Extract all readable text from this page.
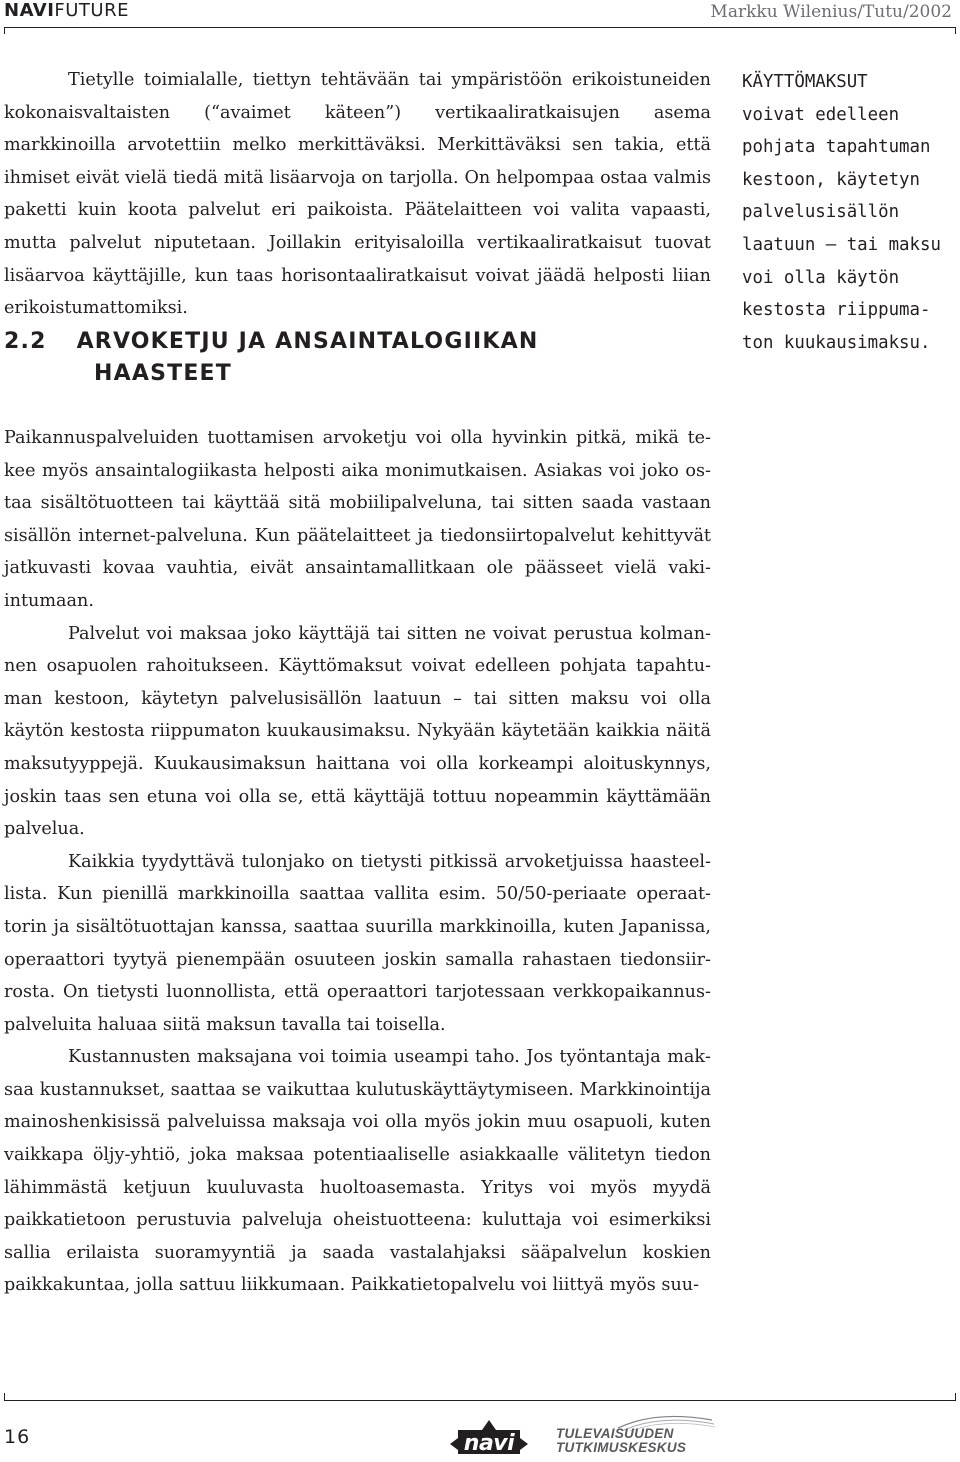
NAVIFUTURE	Markku Wilenius/Tutu/2002

Tietylle toimialalle, tiettyn tehtävään tai ympäristöön erikoistuneiden kokonaisvaltaisten (“avaimet käteen”) vertikaaliratkaisujen asema markkinoilla arvotettiin melko merkittäväksi. Merkittäväksi sen takia, että ihmiset eivät vielä tiedä mitä lisäarvoja on tarjolla. On helpompaa ostaa valmis paketti kuin koota palvelut eri paikoista. Päätelaitteen voi valita vapaasti, mutta palvelut niputetaan. Joillakin erityisaloilla vertikaaliratkaisut tuovat lisäarvoa käyttäjille, kun taas horisontaaliratkaisut voivat jäädä helposti liian erikoistumattomiksi.

2.2 ARVOKETJU JA ANSAINTALOGIIKAN
HAASTEET
KÄYTTÖMAKSUT
voivat edelleen
pohjata tapahtuman
kestoon, käytetyn
palvelusisällön
laatuun – tai maksu
voi olla käytön
kestosta riippuma-
ton kuukausimaksu.

Paikannuspalveluiden tuottamisen arvoketju voi olla hyvinkin pitkä, mikä tekee myös ansaintalogiikasta helposti aika monimutkaisen. Asiakas voi joko ostaa sisältötuotteen tai käyttää sitä mobiilipalveluna, tai sitten saada vastaan sisällön internet-palveluna. Kun päätelaitteet ja tiedonsiirtopalvelut kehittyvät jatkuvasti kovaa vauhtia, eivät ansaintamallitkaan ole päässeet vielä vakiintumaan.

Palvelut voi maksaa joko käyttäjä tai sitten ne voivat perustua kolmannen osapuolen rahoitukseen. Käyttömaksut voivat edelleen pohjata tapahtuman kestoon, käytetyn palvelusisällön laatuun – tai sitten maksu voi olla käytön kestosta riippumaton kuukausimaksu. Nykyään käytetään kaikkia näitä maksutyyppejä. Kuukausimaksun haittana voi olla korkeampi aloituskynnys, joskin taas sen etuna voi olla se, että käyttäjä tottuu nopeammin käyttämään palvelua.

Kaikkia tyydyttävä tulonjako on tietysti pitkissä arvoketjuissa haasteellista. Kun pienillä markkinoilla saattaa vallita esim. 50/50-periaate operaattorin ja sisältötuottajan kanssa, saattaa suurilla markkinoilla, kuten Japanissa, operaattori tyytyä pienempään osuuteen joskin samalla rahastaen tiedonsiirrosta. On tietysti luonnollista, että operaattori tarjotessaan verkkopaikannuspalveluita haluaa siitä maksun tavalla tai toisella.

Kustannusten maksajana voi toimia useampi taho. Jos työntantaja maksaa kustannukset, saattaa se vaikuttaa kulutuskäyttäytymiseen. Markkinointija mainoshenkisissä palveluissa maksaja voi olla myös jokin muu osapuoli, kuten vaikkapa öljy-yhtiö, joka maksaa potentiaaliselle asiakkaalle välitetyn tiedon lähimmästä ketjuun kuuluvasta huoltoasemasta. Yritys voi myös myydä paikkatietoon perustuvia palveluja oheistuotteena: kuluttaja voi esimerkiksi sallia erilaista suoramyyntiä ja saada vastalahjaksi sääpalvelun koskien paikkakuntaa, jolla sattuu liikkumaan. Paikkatietopalvelu voi liittyä myös suu-

16	navi	TULEVAISUUDEN
TUTKIMUSKESKUS
